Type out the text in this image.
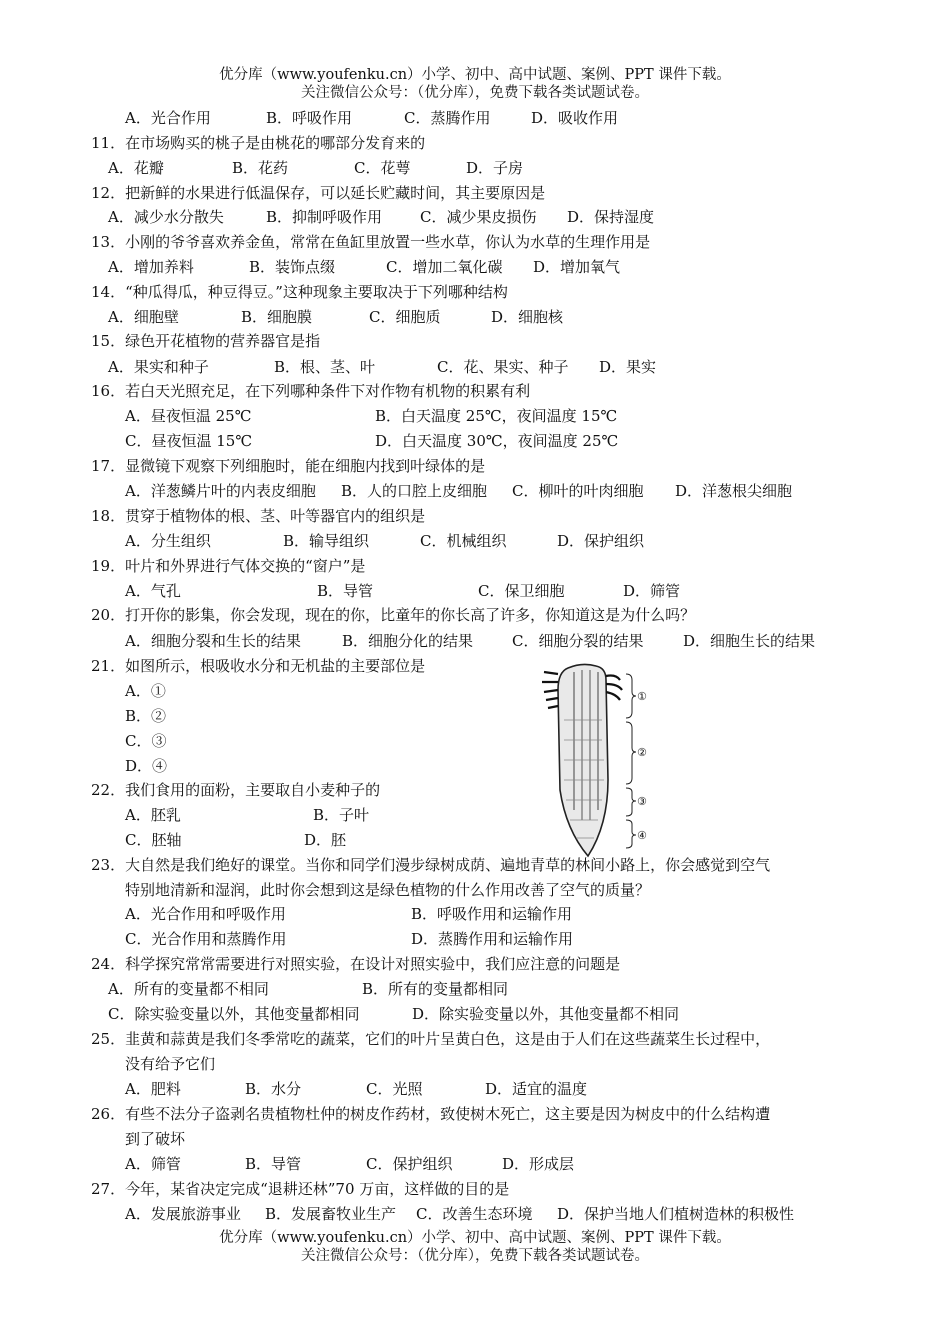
优分库（www.youfenku.cn）小学、初中、高中试题、案例、PPT 课件下载。
关注微信公众号：（优分库），免费下载各类试题试卷。
A．光合作用	B．呼吸作用	C．蒸腾作用	D．吸收作用
11．在市场购买的桃子是由桃花的哪部分发育来的
A．花瓣	B．花药	C．花萼	D．子房
12．把新鲜的水果进行低温保存，可以延长贮藏时间，其主要原因是
A．减少水分散失	B．抑制呼吸作用	C．减少果皮损伤 D．保持湿度
13．小刚的爷爷喜欢养金鱼，常常在鱼缸里放置一些水草，你认为水草的生理作用是
A．增加养料	B．装饰点缀	C．增加二氧化碳 D．增加氧气
14．“种瓜得瓜，种豆得豆。”这种现象主要取决于下列哪种结构
A．细胞壁	B．细胞膜	C．细胞质	D．细胞核
15．绿色开花植物的营养器官是指
A．果实和种子	B．根、茎、叶	C．花、果实、种子 D．果实
16．若白天光照充足，在下列哪种条件下对作物有机物的积累有利
A．昼夜恒温 25℃	B．白天温度 25℃，夜间温度 15℃
C．昼夜恒温 15℃	D．白天温度 30℃，夜间温度 25℃
17．显微镜下观察下列细胞时，能在细胞内找到叶绿体的是
A．洋葱鳞片叶的内表皮细胞 B．人的口腔上皮细胞 C．柳叶的叶肉细胞 D．洋葱根尖细胞
18．贯穿于植物体的根、茎、叶等器官内的组织是
A．分生组织	B．输导组织	C．机械组织	D．保护组织
19．叶片和外界进行气体交换的“窗户”是
A．气孔	B．导管	C．保卫细胞	D．筛管
20．打开你的影集，你会发现，现在的你，比童年的你长高了许多，你知道这是为什么吗？
A．细胞分裂和生长的结果	B．细胞分化的结果	C．细胞分裂的结果	D．细胞生长的结果
21．如图所示，根吸收水分和无机盐的主要部位是
A．①
B．②
C．③
D．④
①
②
③
④
22．我们食用的面粉，主要取自小麦种子的
A．胚乳	B．子叶
C．胚轴	D．胚
23．大自然是我们绝好的课堂。当你和同学们漫步绿树成荫、遍地青草的林间小路上，你会感觉到空气
特别地清新和湿润，此时你会想到这是绿色植物的什么作用改善了空气的质量？
A．光合作用和呼吸作用	B．呼吸作用和运输作用
C．光合作用和蒸腾作用	D．蒸腾作用和运输作用
24．科学探究常常需要进行对照实验，在设计对照实验中，我们应注意的问题是
A．所有的变量都不相同	B．所有的变量都相同
C．除实验变量以外，其他变量都相同	D．除实验变量以外，其他变量都不相同
25．韭黄和蒜黄是我们冬季常吃的蔬菜，它们的叶片呈黄白色，这是由于人们在这些蔬菜生长过程中，
没有给予它们
A．肥料	B．水分	C．光照	D．适宜的温度
26．有些不法分子盗剥名贵植物杜仲的树皮作药材，致使树木死亡，这主要是因为树皮中的什么结构遭
到了破坏
A．筛管	B．导管	C．保护组织	D．形成层
27．今年，某省决定完成“退耕还林”70 万亩，这样做的目的是
A．发展旅游事业 B．发展畜牧业生产 C．改善生态环境 D．保护当地人们植树造林的积极性
优分库（www.youfenku.cn）小学、初中、高中试题、案例、PPT 课件下载。
关注微信公众号：（优分库），免费下载各类试题试卷。
